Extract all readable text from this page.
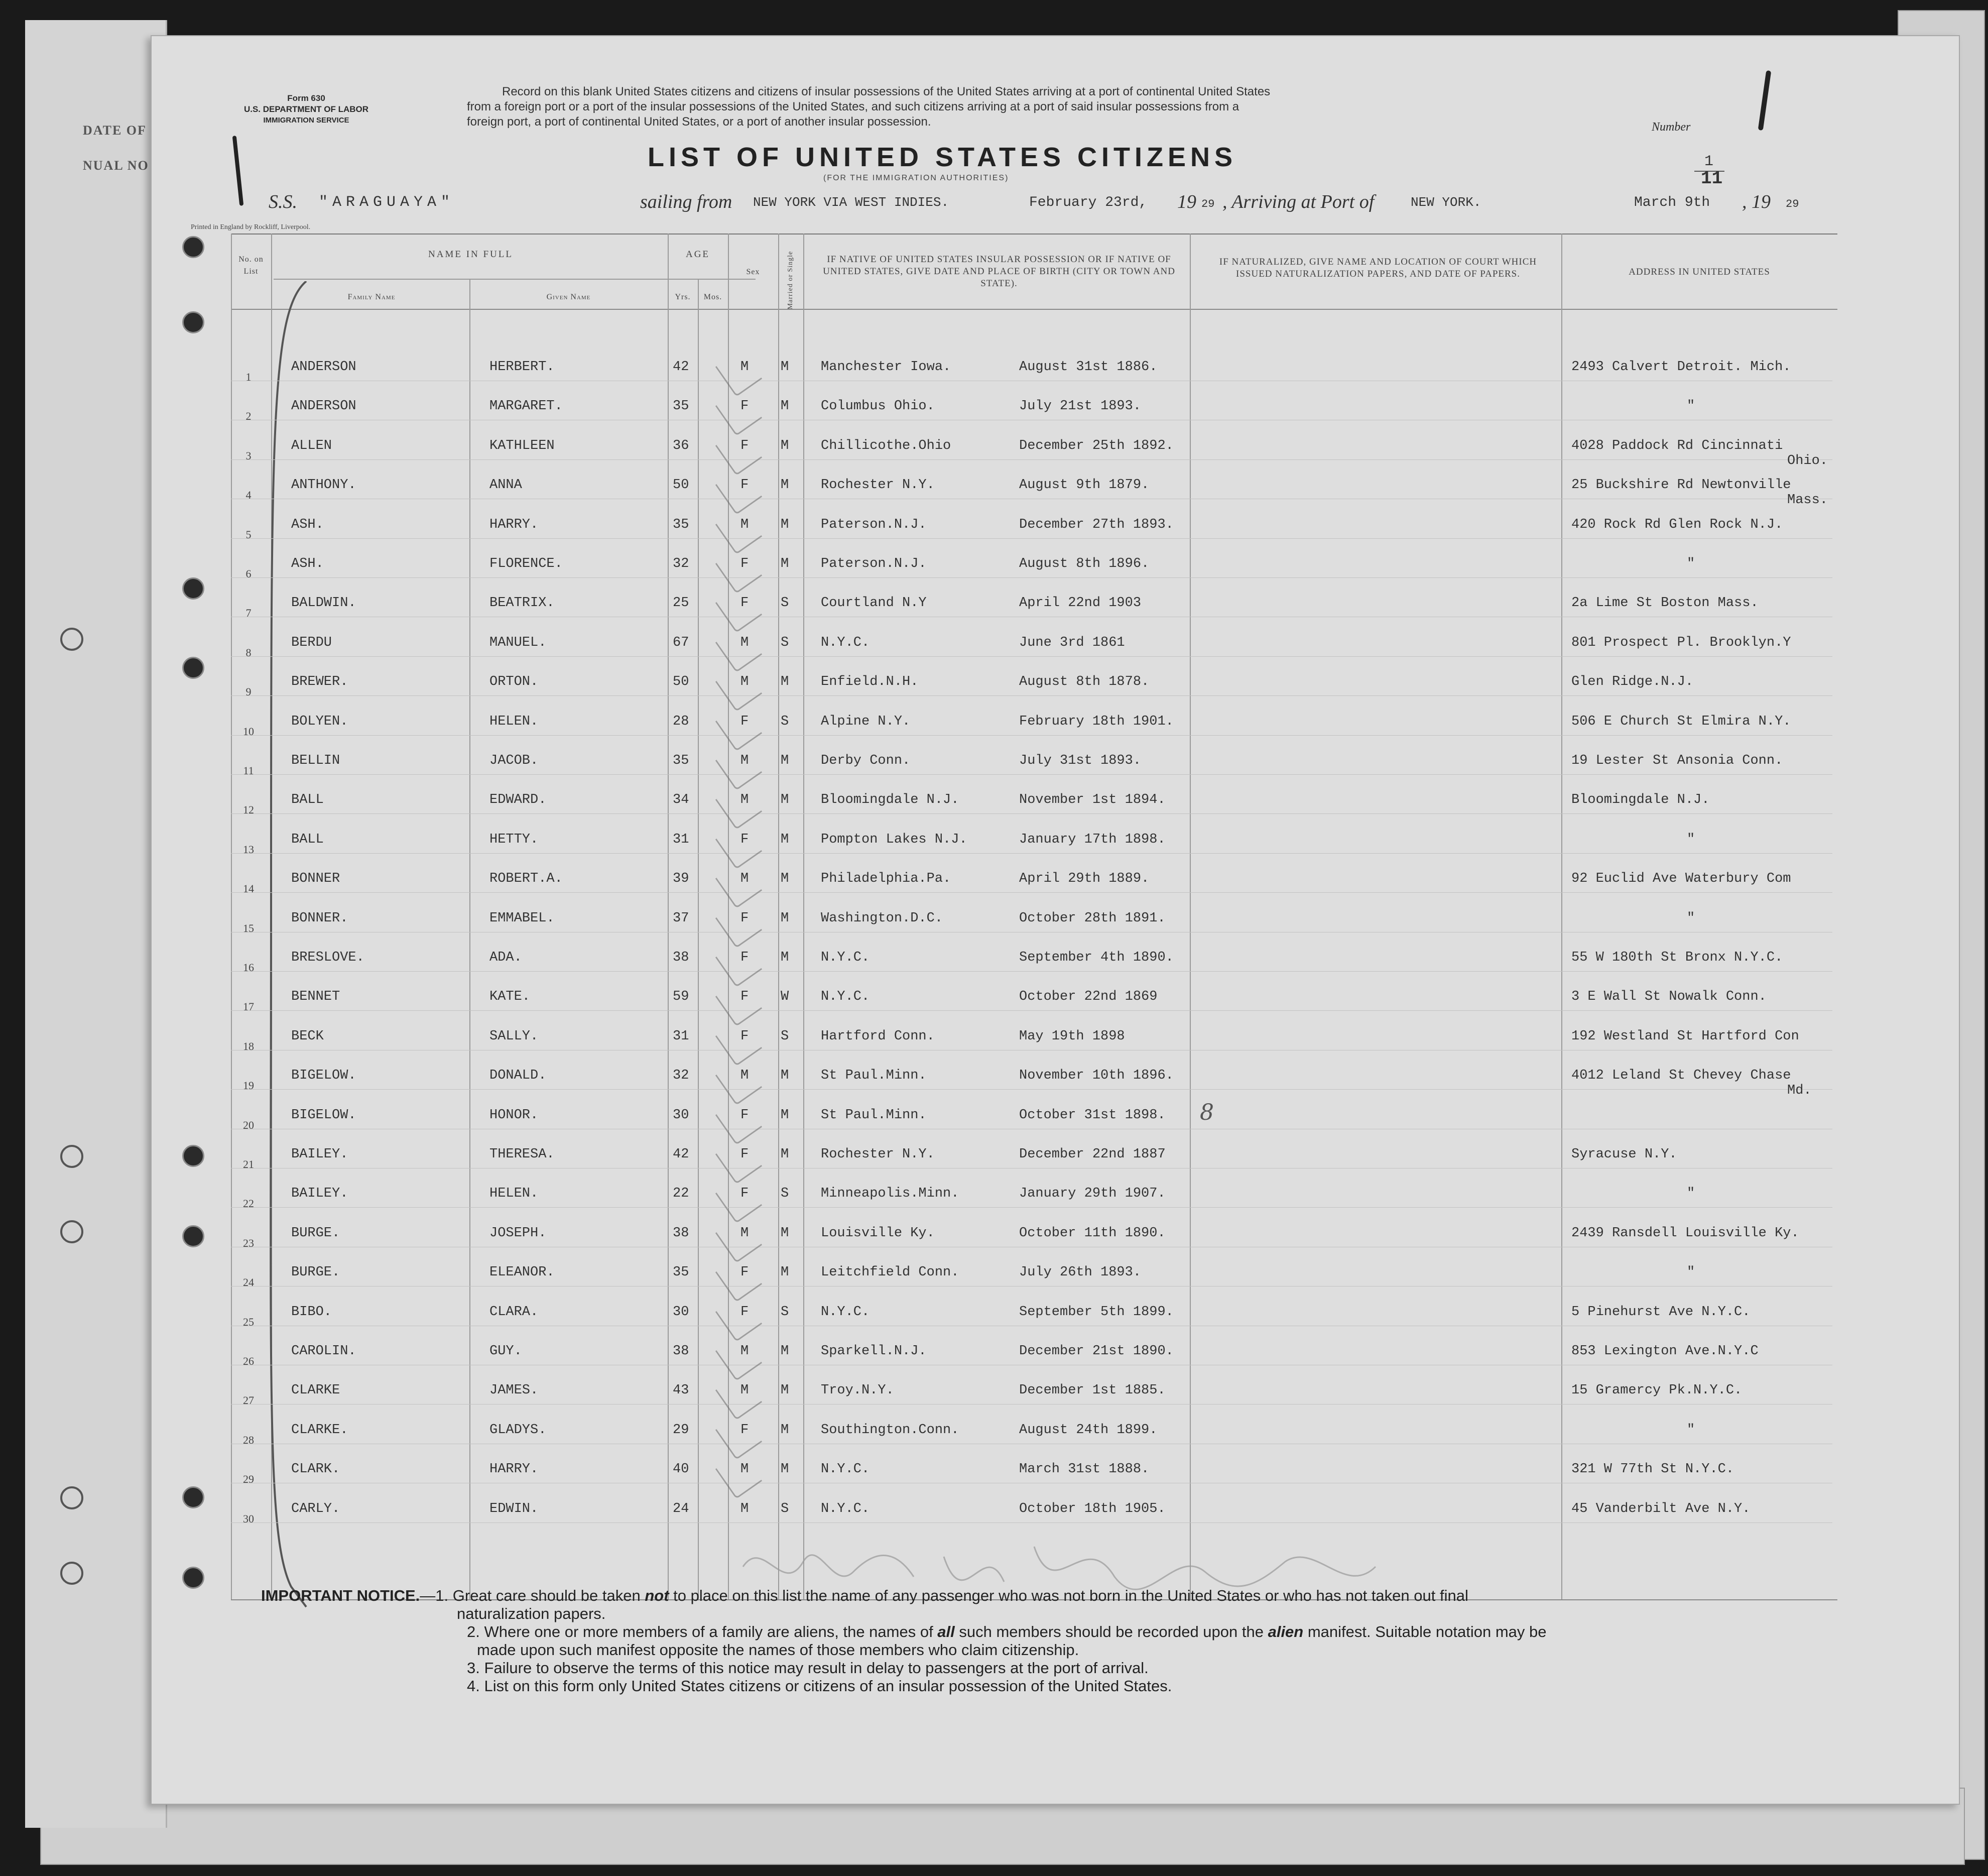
DATE OF
NUAL NO
Form 630
U.S. DEPARTMENT OF LABOR
IMMIGRATION SERVICE
Record on this blank United States citizens and citizens of insular possessions of the United States arriving at a port of continental United States
from a foreign port or a port of the insular possessions of the United States, and such citizens arriving at a port of said insular possessions from a
foreign port, a port of continental United States, or a port of another insular possession.	Number
1
11
LIST OF UNITED STATES CITIZENS
(FOR THE IMMIGRATION AUTHORITIES)
S.S. "ARAGUAYA"	sailing from NEW YORK VIA WEST INDIES.	February 23rd, 19 29 , Arriving at Port of	NEW YORK.	March 9th , 19 29
Printed in England by Rockliff, Liverpool.
No. on List
NAME IN FULL
Family Name	Given Name
AGE
Yrs.	Mos.
Sex	Married or Single	IF NATIVE OF UNITED STATES INSULAR POSSESSION OR IF NATIVE OF UNITED STATES, GIVE DATE AND PLACE OF BIRTH (CITY OR TOWN AND STATE).
IF NATURALIZED, GIVE NAME AND LOCATION OF COURT WHICH ISSUED NATURALIZATION PAPERS, AND DATE OF PAPERS.	ADDRESS IN UNITED STATES
1
ANDERSON	HERBERT.	42	M M Manchester Iowa.	August 31st 1886.	2493 Calvert Detroit. Mich.
2
ANDERSON	MARGARET.	35	F M Columbus Ohio.	July 21st 1893.	"
3
ALLEN	KATHLEEN	36	F M Chillicothe.Ohio	December 25th 1892.	4028 Paddock Rd Cincinnati
Ohio.
4
ANTHONY.	ANNA	50	F M Rochester N.Y.	August 9th 1879.	25 Buckshire Rd Newtonville
Mass.
5
ASH.	HARRY.	35	M M Paterson.N.J.	December 27th 1893.	420 Rock Rd Glen Rock N.J.
6
ASH.	FLORENCE.	32	F M Paterson.N.J.	August 8th 1896.	"
7
BALDWIN.	BEATRIX.	25	F S Courtland N.Y	April 22nd 1903	2a Lime St Boston Mass.
8
BERDU	MANUEL.	67	M S N.Y.C.	June 3rd 1861	801 Prospect Pl. Brooklyn.Y
9
BREWER.	ORTON.	50	M M Enfield.N.H.	August 8th 1878.	Glen Ridge.N.J.
10
BOLYEN.	HELEN.	28	F S Alpine N.Y.	February 18th 1901.	506 E Church St Elmira N.Y.
11
BELLIN	JACOB.	35	M M Derby Conn.	July 31st 1893.	19 Lester St Ansonia Conn.
12
BALL	EDWARD.	34	M M Bloomingdale N.J.	November 1st 1894.	Bloomingdale N.J.
13
BALL	HETTY.	31	F M Pompton Lakes N.J.	January 17th 1898.	"
14
BONNER	ROBERT.A.	39	M M Philadelphia.Pa.	April 29th 1889.	92 Euclid Ave Waterbury Com
15
BONNER.	EMMABEL.	37	F M Washington.D.C.	October 28th 1891.	"
16
BRESLOVE.	ADA.	38	F M N.Y.C.	September 4th 1890.	55 W 180th St Bronx N.Y.C.
17
BENNET	KATE.	59	F W N.Y.C.	October 22nd 1869	3 E Wall St Nowalk Conn.
18
BECK	SALLY.	31	F S Hartford Conn.	May 19th 1898	192 Westland St Hartford Con
19
BIGELOW.	DONALD.	32	M M St Paul.Minn.	November 10th 1896.	4012 Leland St Chevey Chase
Md.
20
BIGELOW.	HONOR.	30	F M St Paul.Minn.	October 31st 1898.
21
BAILEY.	THERESA.	42	F M Rochester N.Y.	December 22nd 1887	Syracuse N.Y.
22
BAILEY.	HELEN.	22	F S Minneapolis.Minn.	January 29th 1907.	"
23
BURGE.	JOSEPH.	38	M M Louisville Ky.	October 11th 1890.	2439 Ransdell Louisville Ky.
24
BURGE.	ELEANOR.	35	F M Leitchfield Conn.	July 26th 1893.	"
25
BIBO.	CLARA.	30	F S N.Y.C.	September 5th 1899.	5 Pinehurst Ave N.Y.C.
26
CAROLIN.	GUY.	38	M M Sparkell.N.J.	December 21st 1890.	853 Lexington Ave.N.Y.C
27
CLARKE	JAMES.	43	M M Troy.N.Y.	December 1st 1885.	15 Gramercy Pk.N.Y.C.
28
CLARKE.	GLADYS.	29	F M Southington.Conn.	August 24th 1899.	"
29
CLARK.	HARRY.	40	M M N.Y.C.	March 31st 1888.	321 W 77th St N.Y.C.
30
CARLY.	EDWIN.	24	M S N.Y.C.	October 18th 1905.	45 Vanderbilt Ave N.Y.
8
IMPORTANT NOTICE.—1. Great care should be taken not to place on this list the name of any passenger who was not born in the United States or who has not taken out final
naturalization papers.
2. Where one or more members of a family are aliens, the names of all such members should be recorded upon the alien manifest. Suitable notation may be
made upon such manifest opposite the names of those members who claim citizenship.
3. Failure to observe the terms of this notice may result in delay to passengers at the port of arrival.
4. List on this form only United States citizens or citizens of an insular possession of the United States.
